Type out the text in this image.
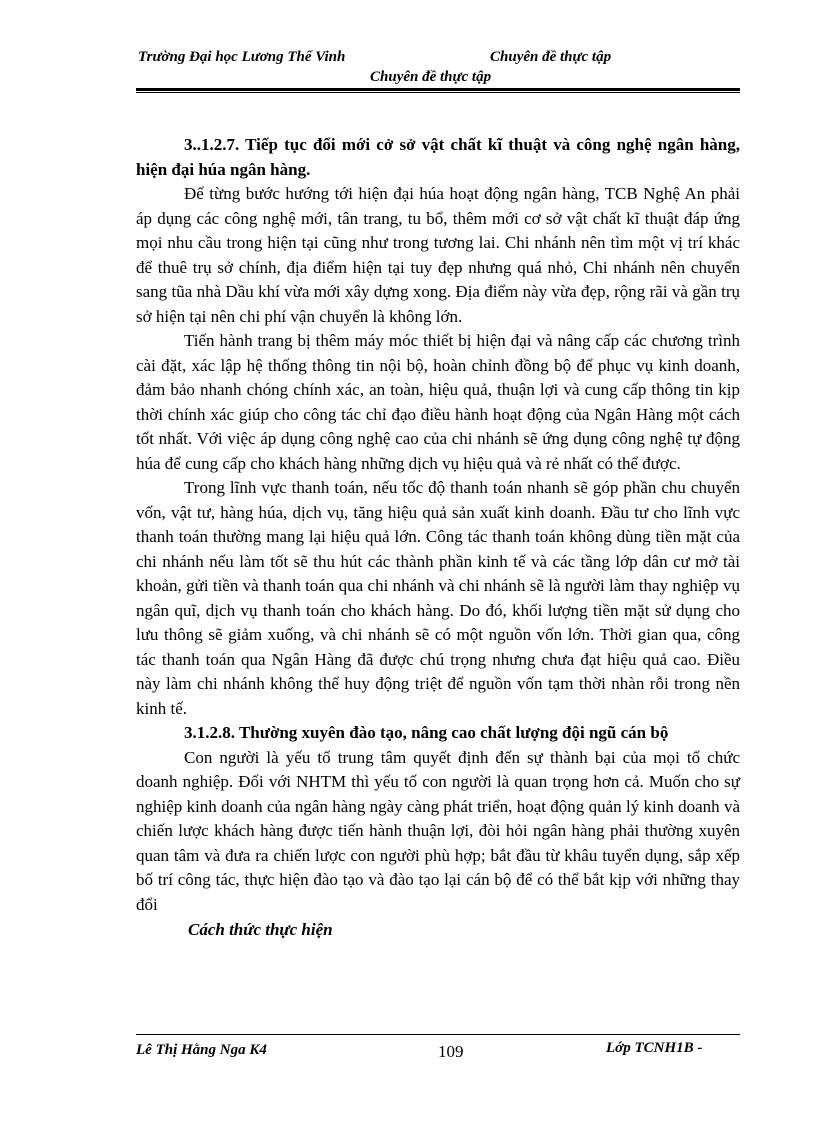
Trường Đại học Lương Thế Vinh	Chuyên đề thực tập
Chuyên đề thực tập
3..1.2.7. Tiếp tục đổi mới cở sở vật chất kĩ thuật và công nghệ ngân hàng, hiện đại húa ngân hàng.

Để từng bước hướng tới hiện đại húa hoạt động ngân hàng, TCB Nghệ An phải áp dụng các công nghệ mới, tân trang, tu bổ, thêm mới cơ sở vật chất kĩ thuật đáp ứng mọi nhu cầu trong hiện tại cũng như trong tương lai. Chi nhánh nên tìm một vị trí khác để thuê trụ sở chính, địa điểm hiện tại tuy đẹp nhưng quá nhỏ, Chi nhánh nên chuyển sang tũa nhà Dầu khí vừa mới xây dựng xong. Địa điểm này vừa đẹp, rộng rãi và gần trụ sở hiện tại nên chi phí vận chuyển là không lớn.

Tiến hành trang bị thêm máy móc thiết bị hiện đại và nâng cấp các chương trình cài đặt, xác lập hệ thống thông tin nội bộ, hoàn chỉnh đồng bộ để phục vụ kinh doanh, đảm bảo nhanh chóng chính xác, an toàn, hiệu quả, thuận lợi và cung cấp thông tin kịp thời chính xác giúp cho công tác chỉ đạo điều hành hoạt động của Ngân Hàng một cách tốt nhất. Với việc áp dụng công nghệ cao của chi nhánh sẽ ứng dụng công nghệ tự động húa để cung cấp cho khách hàng những dịch vụ hiệu quả và rẻ nhất có thể được.

Trong lĩnh vực thanh toán, nếu tốc độ thanh toán nhanh sẽ góp phần chu chuyển vốn, vật tư, hàng húa, dịch vụ, tăng hiệu quả sản xuất kinh doanh. Đầu tư cho lĩnh vực thanh toán thường mang lại hiệu quả lớn. Công tác thanh toán không dùng tiền mặt của chi nhánh nếu làm tốt sẽ thu hút các thành phần kinh tế và các tầng lớp dân cư mở tài khoản, gửi tiền và thanh toán qua chi nhánh và chi nhánh sẽ là người làm thay nghiệp vụ ngân quĩ, dịch vụ thanh toán cho khách hàng. Do đó, khối lượng tiền mặt sử dụng cho lưu thông sẽ giảm xuống, và chi nhánh sẽ có một nguồn vốn lớn. Thời gian qua, công tác thanh toán qua Ngân Hàng đã được chú trọng nhưng chưa đạt hiệu quả cao. Điều này làm chi nhánh không thể huy động triệt để nguồn vốn tạm thời nhàn rỗi trong nền kinh tế.

3.1.2.8. Thường xuyên đào tạo, nâng cao chất lượng đội ngũ cán bộ

Con người là yếu tố trung tâm quyết định đến sự thành bại của mọi tổ chức doanh nghiệp. Đối với NHTM thì yếu tố con người là quan trọng hơn cả. Muốn cho sự nghiệp kinh doanh của ngân hàng ngày càng phát triển, hoạt động quản lý kinh doanh và chiến lược khách hàng được tiến hành thuận lợi, đòi hỏi ngân hàng phải thường xuyên quan tâm và đưa ra chiến lược con người phù hợp; bắt đầu từ khâu tuyển dụng, sắp xếp bố trí công tác, thực hiện đào tạo và đào tạo lại cán bộ để có thể bắt kịp với những thay đổi

Cách thức thực hiện
Lê Thị Hằng Nga K4	109	Lớp TCNH1B -
